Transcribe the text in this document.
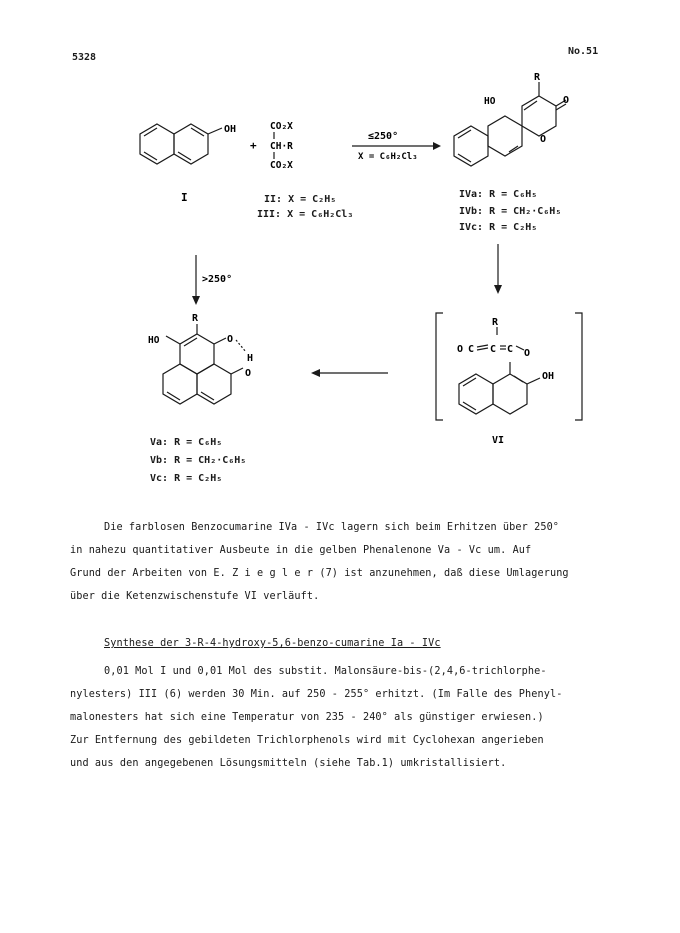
5328
No.51
OH
I
+
CO₂X
CH·R
CO₂X
≤250°
X = C₆H₂Cl₃
R
HO	O
O
>250°
R
HO	O
H
O
R
O C C C O
OH
VI
II: X = C₂H₅
III: X = C₆H₂Cl₃
IVa: R = C₆H₅
IVb: R = CH₂·C₆H₅
IVc: R = C₂H₅
Va: R = C₆H₅
Vb: R = CH₂·C₆H₅
Vc: R = C₂H₅
Die farblosen Benzocumarine IVa - IVc lagern sich beim Erhitzen über 250°
in nahezu quantitativer Ausbeute in die gelben Phenalenone Va - Vc um. Auf
Grund der Arbeiten von E. Z i e g l e r (7) ist anzunehmen, daß diese Umlagerung
über die Ketenzwischenstufe VI verläuft.
Synthese der 3-R-4-hydroxy-5,6-benzo-cumarine Ia - IVc
0,01 Mol I und 0,01 Mol des substit. Malonsäure-bis-(2,4,6-trichlorphe-
nylesters) III (6) werden 30 Min. auf 250 - 255° erhitzt. (Im Falle des Phenyl-
malonesters hat sich eine Temperatur von 235 - 240° als günstiger erwiesen.)
Zur Entfernung des gebildeten Trichlorphenols wird mit Cyclohexan angerieben
und aus den angegebenen Lösungsmitteln (siehe Tab.1) umkristallisiert.
